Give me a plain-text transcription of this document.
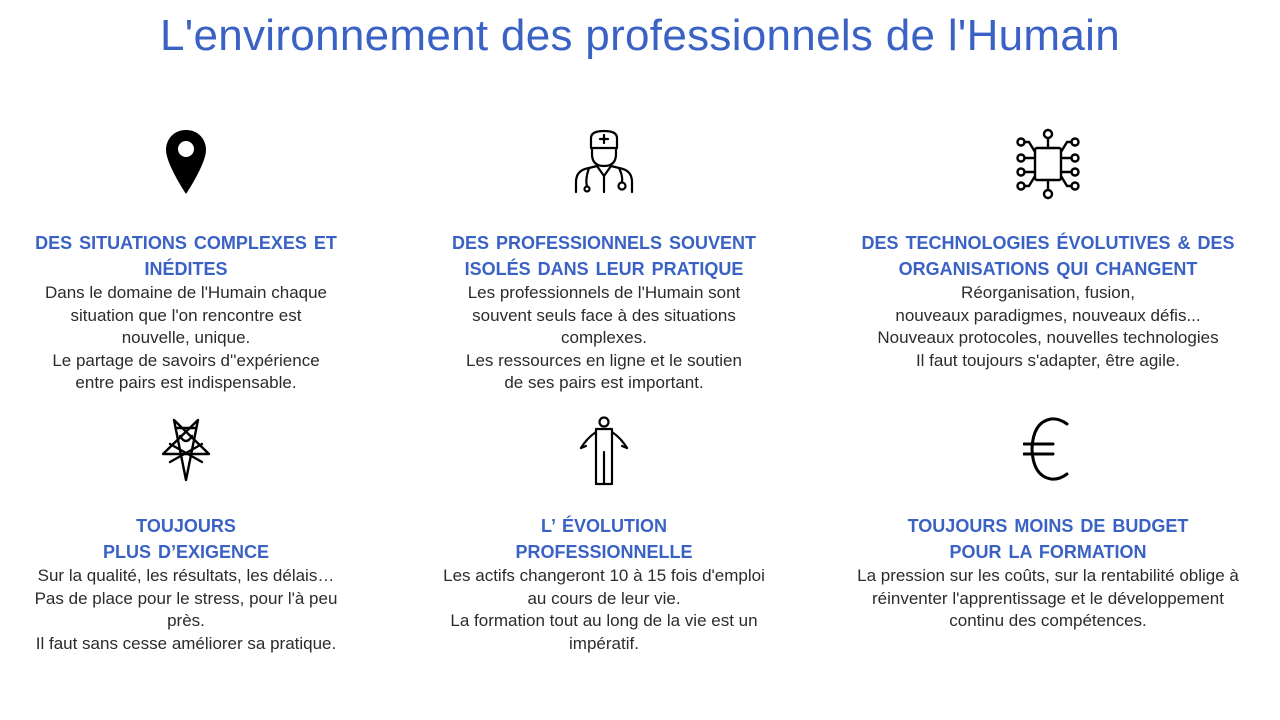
L'environnement des professionnels de l'Humain
DES SITUATIONS COMPLEXES ET
INÉDITES
Dans le domaine de l'Humain chaque
situation que l'on rencontre est
nouvelle, unique.
Le partage de savoirs d''expérience
entre pairs est indispensable.
DES PROFESSIONNELS SOUVENT
ISOLÉS DANS LEUR PRATIQUE
Les professionnels de l'Humain sont
souvent seuls face à des situations
complexes.
Les ressources en ligne et le soutien
de ses pairs est important.
DES TECHNOLOGIES ÉVOLUTIVES & DES
ORGANISATIONS QUI CHANGENT
Réorganisation, fusion,
nouveaux paradigmes, nouveaux défis...
Nouveaux protocoles, nouvelles technologies
Il faut toujours s'adapter, être agile.
TOUJOURS
PLUS D’EXIGENCE
Sur la qualité, les résultats, les délais…
Pas de place pour le stress, pour l'à peu
près.
Il faut sans cesse améliorer sa pratique.
L’ ÉVOLUTION
PROFESSIONNELLE
Les actifs changeront 10 à 15 fois d'emploi
au cours de leur vie.
La formation tout au long de la vie est un
impératif.
TOUJOURS MOINS DE BUDGET
POUR LA FORMATION
La pression sur les coûts, sur la rentabilité oblige à
réinventer l'apprentissage et le développement
continu des compétences.
